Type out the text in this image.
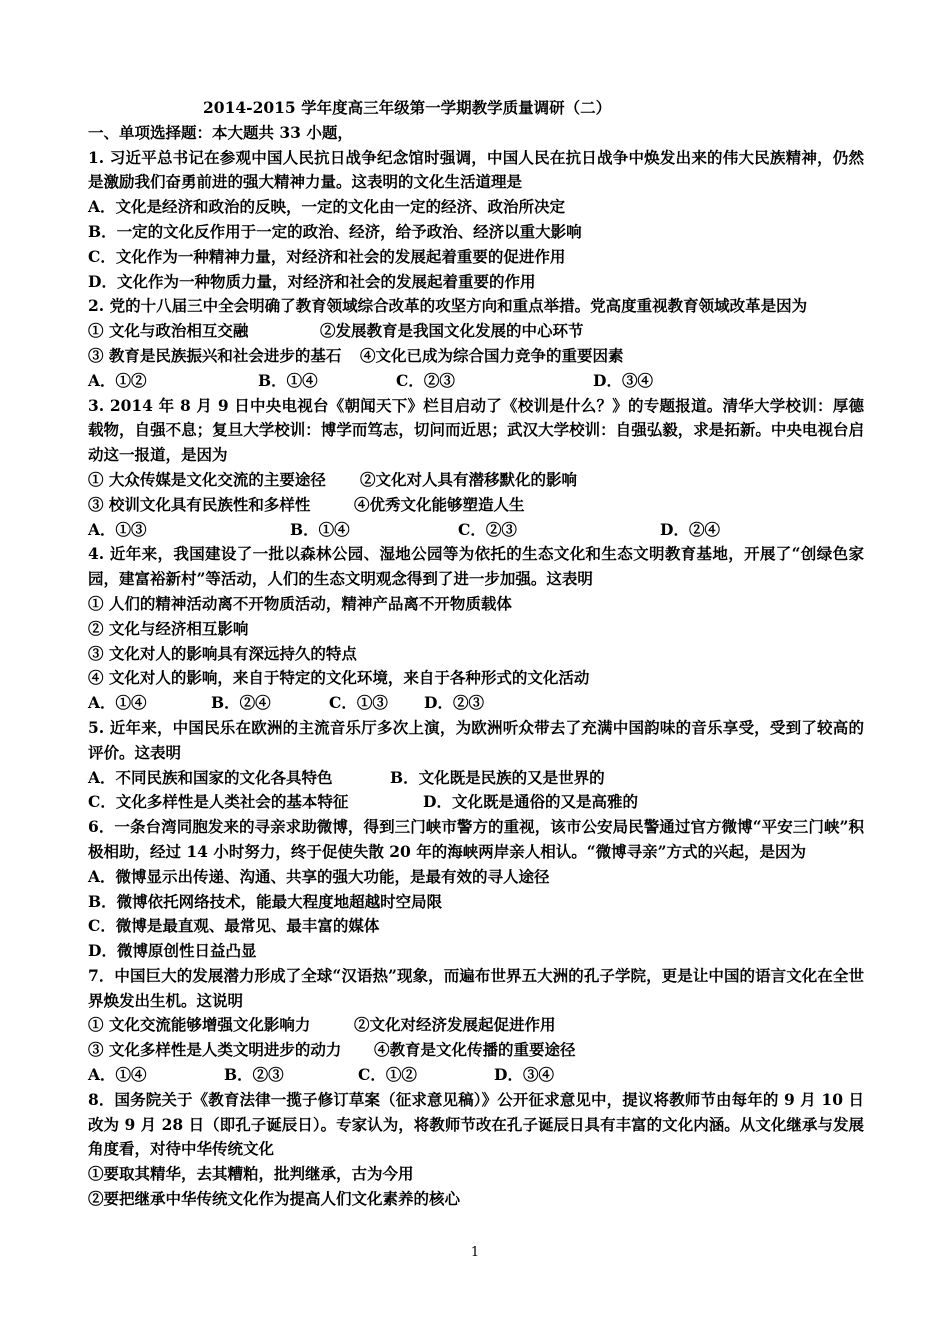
2014-2015 学年度高三年级第一学期教学质量调研（二）
一、单项选择题：本大题共 33 小题，
1. 习近平总书记在参观中国人民抗日战争纪念馆时强调，中国人民在抗日战争中焕发出来的伟大民族精神，仍然是激励我们奋勇前进的强大精神力量。这表明的文化生活道理是
A．文化是经济和政治的反映，一定的文化由一定的经济、政治所决定
B．一定的文化反作用于一定的政治、经济，给予政治、经济以重大影响
C．文化作为一种精神力量，对经济和社会的发展起着重要的促进作用
D．文化作为一种物质力量，对经济和社会的发展起着重要的作用
2. 党的十八届三中全会明确了教育领域综合改革的攻坚方向和重点举措。党高度重视教育领域改革是因为
① 文化与政治相互交融	②发展教育是我国文化发展的中心环节
③ 教育是民族振兴和社会进步的基石	④文化已成为综合国力竞争的重要因素
A．①②	B．①④	C．②③	D．③④
3. 2014 年 8 月 9 日中央电视台《朝闻天下》栏目启动了《校训是什么？》的专题报道。清华大学校训：厚德载物，自强不息；复旦大学校训：博学而笃志，切问而近思；武汉大学校训：自强弘毅，求是拓新。中央电视台启动这一报道，是因为
① 大众传媒是文化交流的主要途径	②文化对人具有潜移默化的影响
③ 校训文化具有民族性和多样性	④优秀文化能够塑造人生
A．①③	B．①④	C．②③	D．②④
4. 近年来，我国建设了一批以森林公园、湿地公园等为依托的生态文化和生态文明教育基地，开展了“创绿色家园，建富裕新村”等活动，人们的生态文明观念得到了进一步加强。这表明
① 人们的精神活动离不开物质活动，精神产品离不开物质载体
② 文化与经济相互影响
③ 文化对人的影响具有深远持久的特点
④ 文化对人的影响，来自于特定的文化环境，来自于各种形式的文化活动
A．①④	B．②④	C．①③	D．②③
5. 近年来，中国民乐在欧洲的主流音乐厅多次上演，为欧洲听众带去了充满中国韵味的音乐享受，受到了较高的评价。这表明
A．不同民族和国家的文化各具特色	B．文化既是民族的又是世界的
C．文化多样性是人类社会的基本特征	D．文化既是通俗的又是高雅的
6．一条台湾同胞发来的寻亲求助微博，得到三门峡市警方的重视，该市公安局民警通过官方微博“平安三门峡”积极相助，经过 14 小时努力，终于促使失散 20 年的海峡两岸亲人相认。“微博寻亲”方式的兴起，是因为
A．微博显示出传递、沟通、共享的强大功能，是最有效的寻人途径
B．微博依托网络技术，能最大程度地超越时空局限
C．微博是最直观、最常见、最丰富的媒体
D．微博原创性日益凸显
7．中国巨大的发展潜力形成了全球“汉语热”现象，而遍布世界五大洲的孔子学院，更是让中国的语言文化在全世界焕发出生机。这说明
① 文化交流能够增强文化影响力	②文化对经济发展起促进作用
③ 文化多样性是人类文明进步的动力	④教育是文化传播的重要途径
A．①④	B．②③	C．①②	D．③④
8．国务院关于《教育法律一揽子修订草案（征求意见稿）》公开征求意见中，提议将教师节由每年的 9 月 10 日改为 9 月 28 日（即孔子诞辰日）。专家认为，将教师节改在孔子诞辰日具有丰富的文化内涵。从文化继承与发展角度看，对待中华传统文化
①要取其精华，去其糟粕，批判继承，古为今用
②要把继承中华传统文化作为提高人们文化素养的核心
1
